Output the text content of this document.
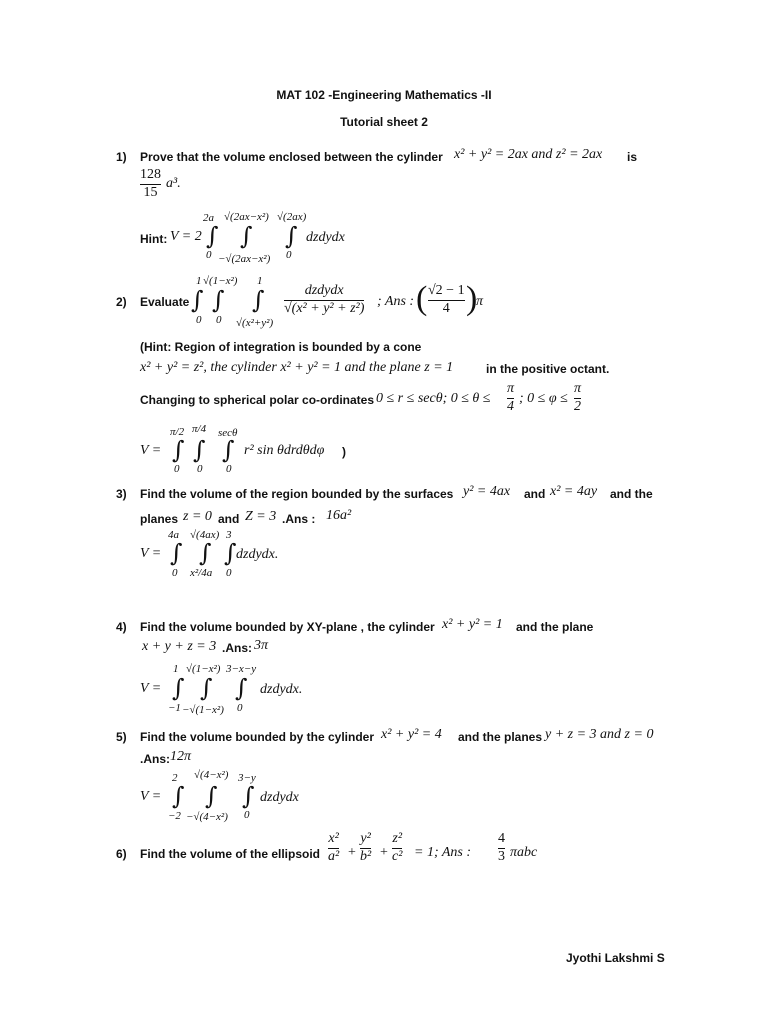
MAT 102 -Engineering Mathematics -II
Tutorial sheet 2
1) Prove that the volume enclosed between the cylinder x² + y² = 2ax and z² = 2ax is
$\frac{128}{15} a^3$.
Hint: V = 2 ∫
2a
0
∫
√(2ax−x²)
−√(2ax−x²)
∫
√(2ax)
0
dzdydx
2) Evaluate
1
∫
0
√(1−x²)
∫
0
1
∫
√(x²+y²)
$\frac{\text{dzdydx}}{\text{√(x² + y² + z²)}}$ ; Ans : ( $\frac{√2 - 1}{4}$ )
π
(Hint: Region of integration is bounded by a cone
x² + y² = z², the cylinder x² + y² = 1 and the plane z = 1	in the positive octant.
Changing to spherical polar co-ordinates 0 ≤ r ≤ secθ; $0 \le \theta \le \frac{\pi}{4}$ ; $0 \le \varphi \le \frac{\pi}{2}$
V =
π/2
∫
0
π/4
∫
0
secθ
∫
0
r² sin θdrdθdφ )
3) Find the volume of the region bounded by the surfaces y² = 4ax and x² = 4ay and the
planes z = 0 and Z = 3 .Ans : 16a²
V =
4a
∫
0
√(4ax)
∫
x²/4a
3
∫
0
dzdydx.
4) Find the volume bounded by XY-plane , the cylinder x² + y² = 1 and the plane
x + y + z = 3 .Ans: 3π
V =
1
∫
−1
√(1−x²)
∫
−√(1−x²)
3−x−y
∫
0
dzdydx.
5) Find the volume bounded by the cylinder x² + y² = 4 and the planes y + z = 3 and z = 0
.Ans: 12π
V =
2
∫
−2
√(4−x²)
∫
−√(4−x²)
3−y
∫
0
dzdydx
6) Find the volume of the ellipsoid $\frac{\text{x²}}{\text{a²}} + \frac{\text{y²}}{\text{b²}} + \frac{\text{z²}}{\text{c²}} = 1$; Ans : $\frac{4}{3}$ πabc
Jyothi Lakshmi S
